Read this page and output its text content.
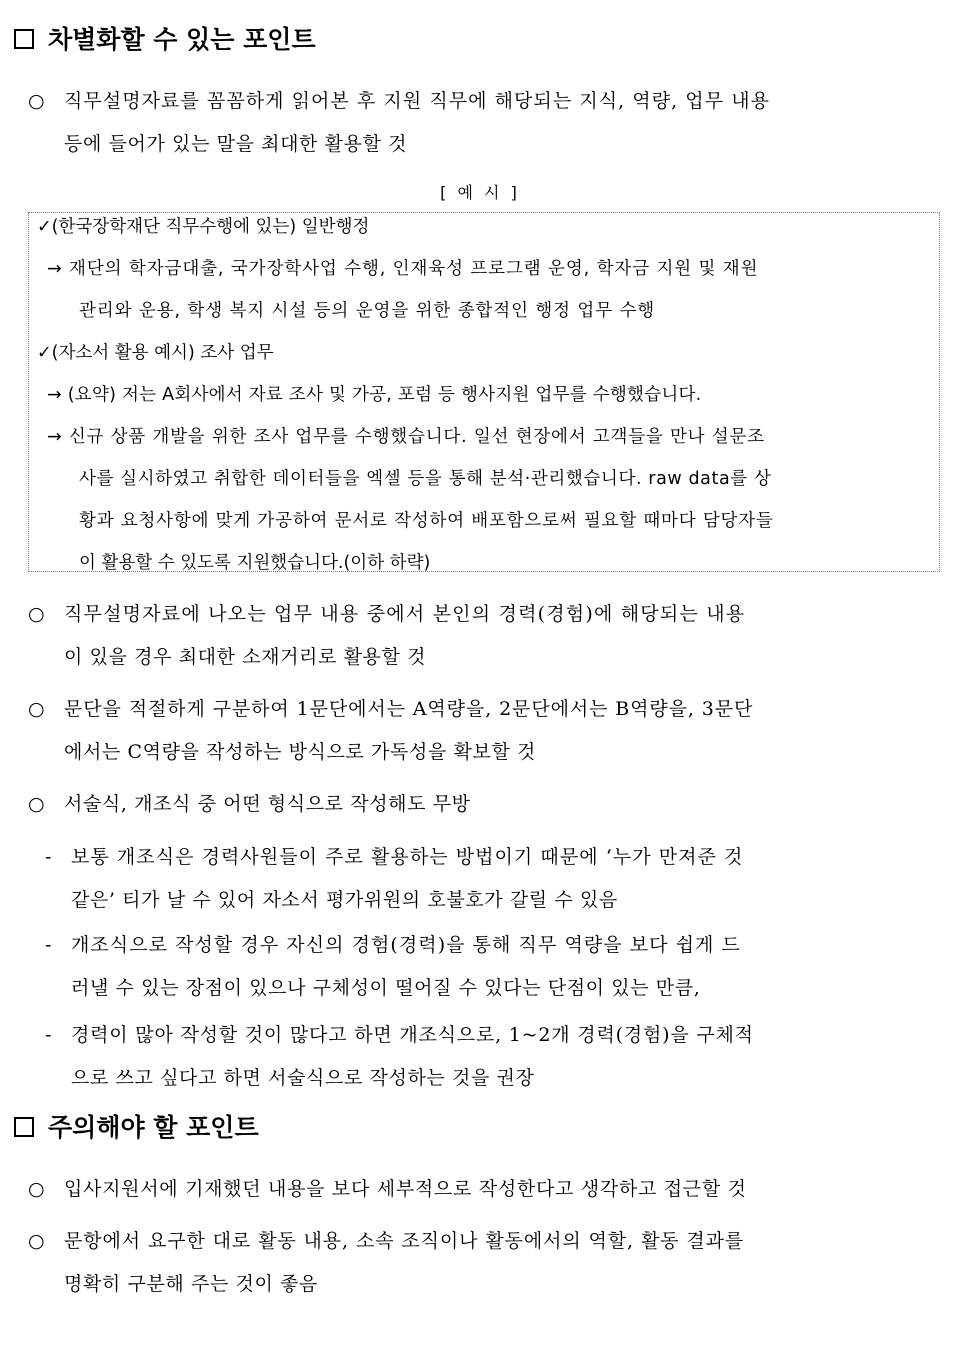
차별화할 수 있는 포인트
○	직무설명자료를 꼼꼼하게 읽어본 후 지원 직무에 해당되는 지식, 역량, 업무 내용
등에 들어가 있는 말을 최대한 활용할 것
[ 예 시 ]
✓(한국장학재단 직무수행에 있는) 일반행정
→ 재단의 학자금대출, 국가장학사업 수행, 인재육성 프로그램 운영, 학자금 지원 및 재원
관리와 운용, 학생 복지 시설 등의 운영을 위한 종합적인 행정 업무 수행
✓(자소서 활용 예시) 조사 업무
→ (요약) 저는 A회사에서 자료 조사 및 가공, 포럼 등 행사지원 업무를 수행했습니다.
→ 신규 상품 개발을 위한 조사 업무를 수행했습니다. 일선 현장에서 고객들을 만나 설문조
사를 실시하였고 취합한 데이터들을 엑셀 등을 통해 분석·관리했습니다. raw data를 상
황과 요청사항에 맞게 가공하여 문서로 작성하여 배포함으로써 필요할 때마다 담당자들
이 활용할 수 있도록 지원했습니다.(이하 하략)
○	직무설명자료에 나오는 업무 내용 중에서 본인의 경력(경험)에 해당되는 내용
이 있을 경우 최대한 소재거리로 활용할 것
○	문단을 적절하게 구분하여 1문단에서는 A역량을, 2문단에서는 B역량을, 3문단
에서는 C역량을 작성하는 방식으로 가독성을 확보할 것
○	서술식, 개조식 중 어떤 형식으로 작성해도 무방
-	보통 개조식은 경력사원들이 주로 활용하는 방법이기 때문에 ‘누가 만져준 것
같은’ 티가 날 수 있어 자소서 평가위원의 호불호가 갈릴 수 있음
-	개조식으로 작성할 경우 자신의 경험(경력)을 통해 직무 역량을 보다 쉽게 드
러낼 수 있는 장점이 있으나 구체성이 떨어질 수 있다는 단점이 있는 만큼,
-	경력이 많아 작성할 것이 많다고 하면 개조식으로, 1~2개 경력(경험)을 구체적
으로 쓰고 싶다고 하면 서술식으로 작성하는 것을 권장
주의해야 할 포인트
○	입사지원서에 기재했던 내용을 보다 세부적으로 작성한다고 생각하고 접근할 것
○	문항에서 요구한 대로 활동 내용, 소속 조직이나 활동에서의 역할, 활동 결과를
명확히 구분해 주는 것이 좋음
